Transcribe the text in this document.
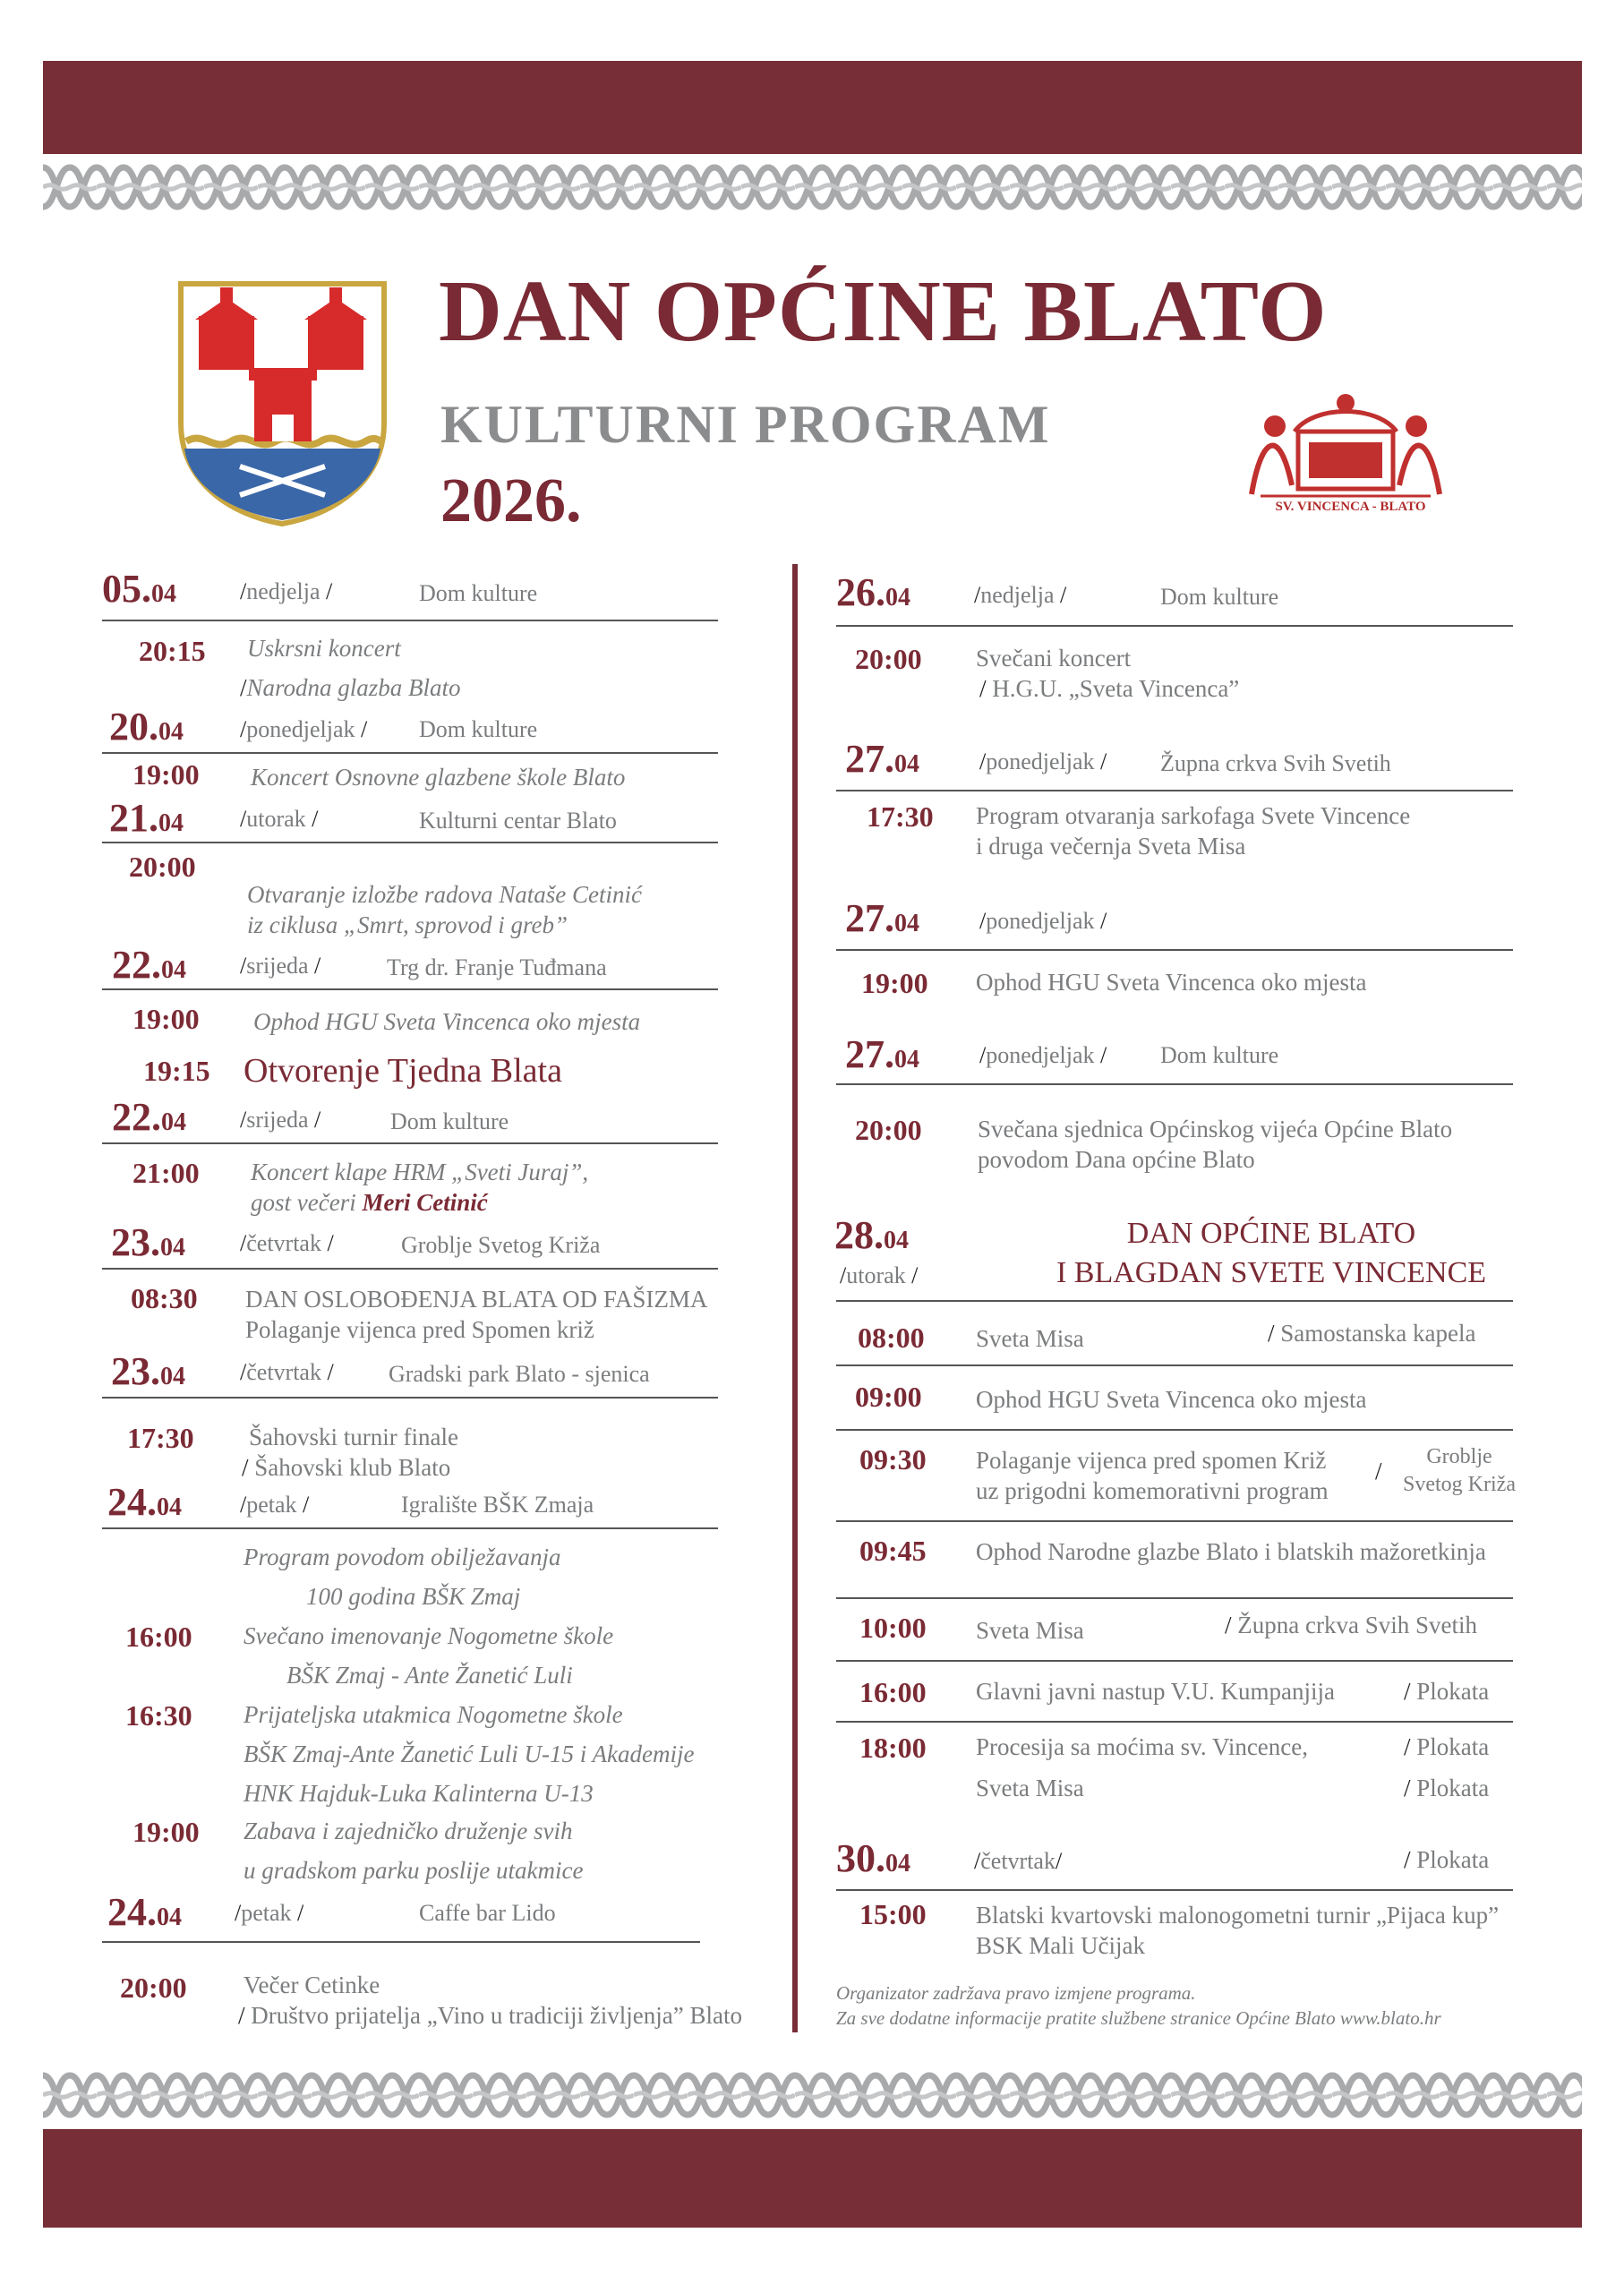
DAN OPĆINE BLATO
KULTURNI PROGRAM
2026.	SV. VINCENCA - BLATO
05.04	/nedjelja /	Dom kulture
20:15 Uskrsni koncert
/Narodna glazba Blato
20.04 /ponedjeljak / Dom kulture
19:00 Koncert Osnovne glazbene škole Blato
21.04 /utorak /	Kulturni centar Blato
20:00
Otvaranje izložbe radova Nataše Cetinić
iz ciklusa „Smrt, sprovod i greb”
22.04 /srijeda /	Trg dr. Franje Tuđmana
19:00 Ophod HGU Sveta Vincenca oko mjesta
19:15 Otvorenje Tjedna Blata
22.04 /srijeda /	Dom kulture
21:00 Koncert klape HRM „Sveti Juraj”,
gost večeri Meri Cetinić
23.04 /četvrtak /	Groblje Svetog Križa
08:30 DAN OSLOBOĐENJA BLATA OD FAŠIZMA
Polaganje vijenca pred Spomen križ
23.04 /četvrtak / Gradski park Blato - sjenica
17:30 Šahovski turnir finale
/ Šahovski klub Blato
24.04	/petak /	Igralište BŠK Zmaja
Program povodom obilježavanja
100 godina BŠK Zmaj
16:00 Svečano imenovanje Nogometne škole
BŠK Zmaj - Ante Žanetić Luli
16:30 Prijateljska utakmica Nogometne škole
BŠK Zmaj-Ante Žanetić Luli U-15 i Akademije
HNK Hajduk-Luka Kalinterna U-13
19:00 Zabava i zajedničko druženje svih
u gradskom parku poslije utakmice
24.04 /petak /	Caffe bar Lido
20:00 Večer Cetinke
/ Društvo prijatelja „Vino u tradiciji življenja” Blato
26.04	/nedjelja /	Dom kulture
20:00 Svečani koncert
/ H.G.U. „Sveta Vincenca”
27.04	/ponedjeljak / Župna crkva Svih Svetih
17:30 Program otvaranja sarkofaga Svete Vincence
i druga večernja Sveta Misa
27.04	/ponedjeljak /
19:00 Ophod HGU Sveta Vincenca oko mjesta
27.04	/ponedjeljak / Dom kulture
20:00 Svečana sjednica Općinskog vijeća Općine Blato
povodom Dana općine Blato
28.04
/utorak /
DAN OPĆINE BLATO
I BLAGDAN SVETE VINCENCE
08:00 Sveta Misa	/ Samostanska kapela
09:00 Ophod HGU Sveta Vincenca oko mjesta
09:30 Polaganje vijenca pred spomen Križ
uz prigodni komemorativni program
/
Groblje
Svetog Križa
09:45 Ophod Narodne glazbe Blato i blatskih mažoretkinja
10:00 Sveta Misa	/ Župna crkva Svih Svetih
16:00 Glavni javni nastup V.U. Kumpanjija	/ Plokata
18:00 Procesija sa moćima sv. Vincence,
Sveta Misa
/ Plokata
/ Plokata
30.04	/četvrtak/	/ Plokata
15:00 Blatski kvartovski malonogometni turnir „Pijaca kup”
BSK Mali Učijak
Organizator zadržava pravo izmjene programa.
Za sve dodatne informacije pratite službene stranice Općine Blato www.blato.hr
